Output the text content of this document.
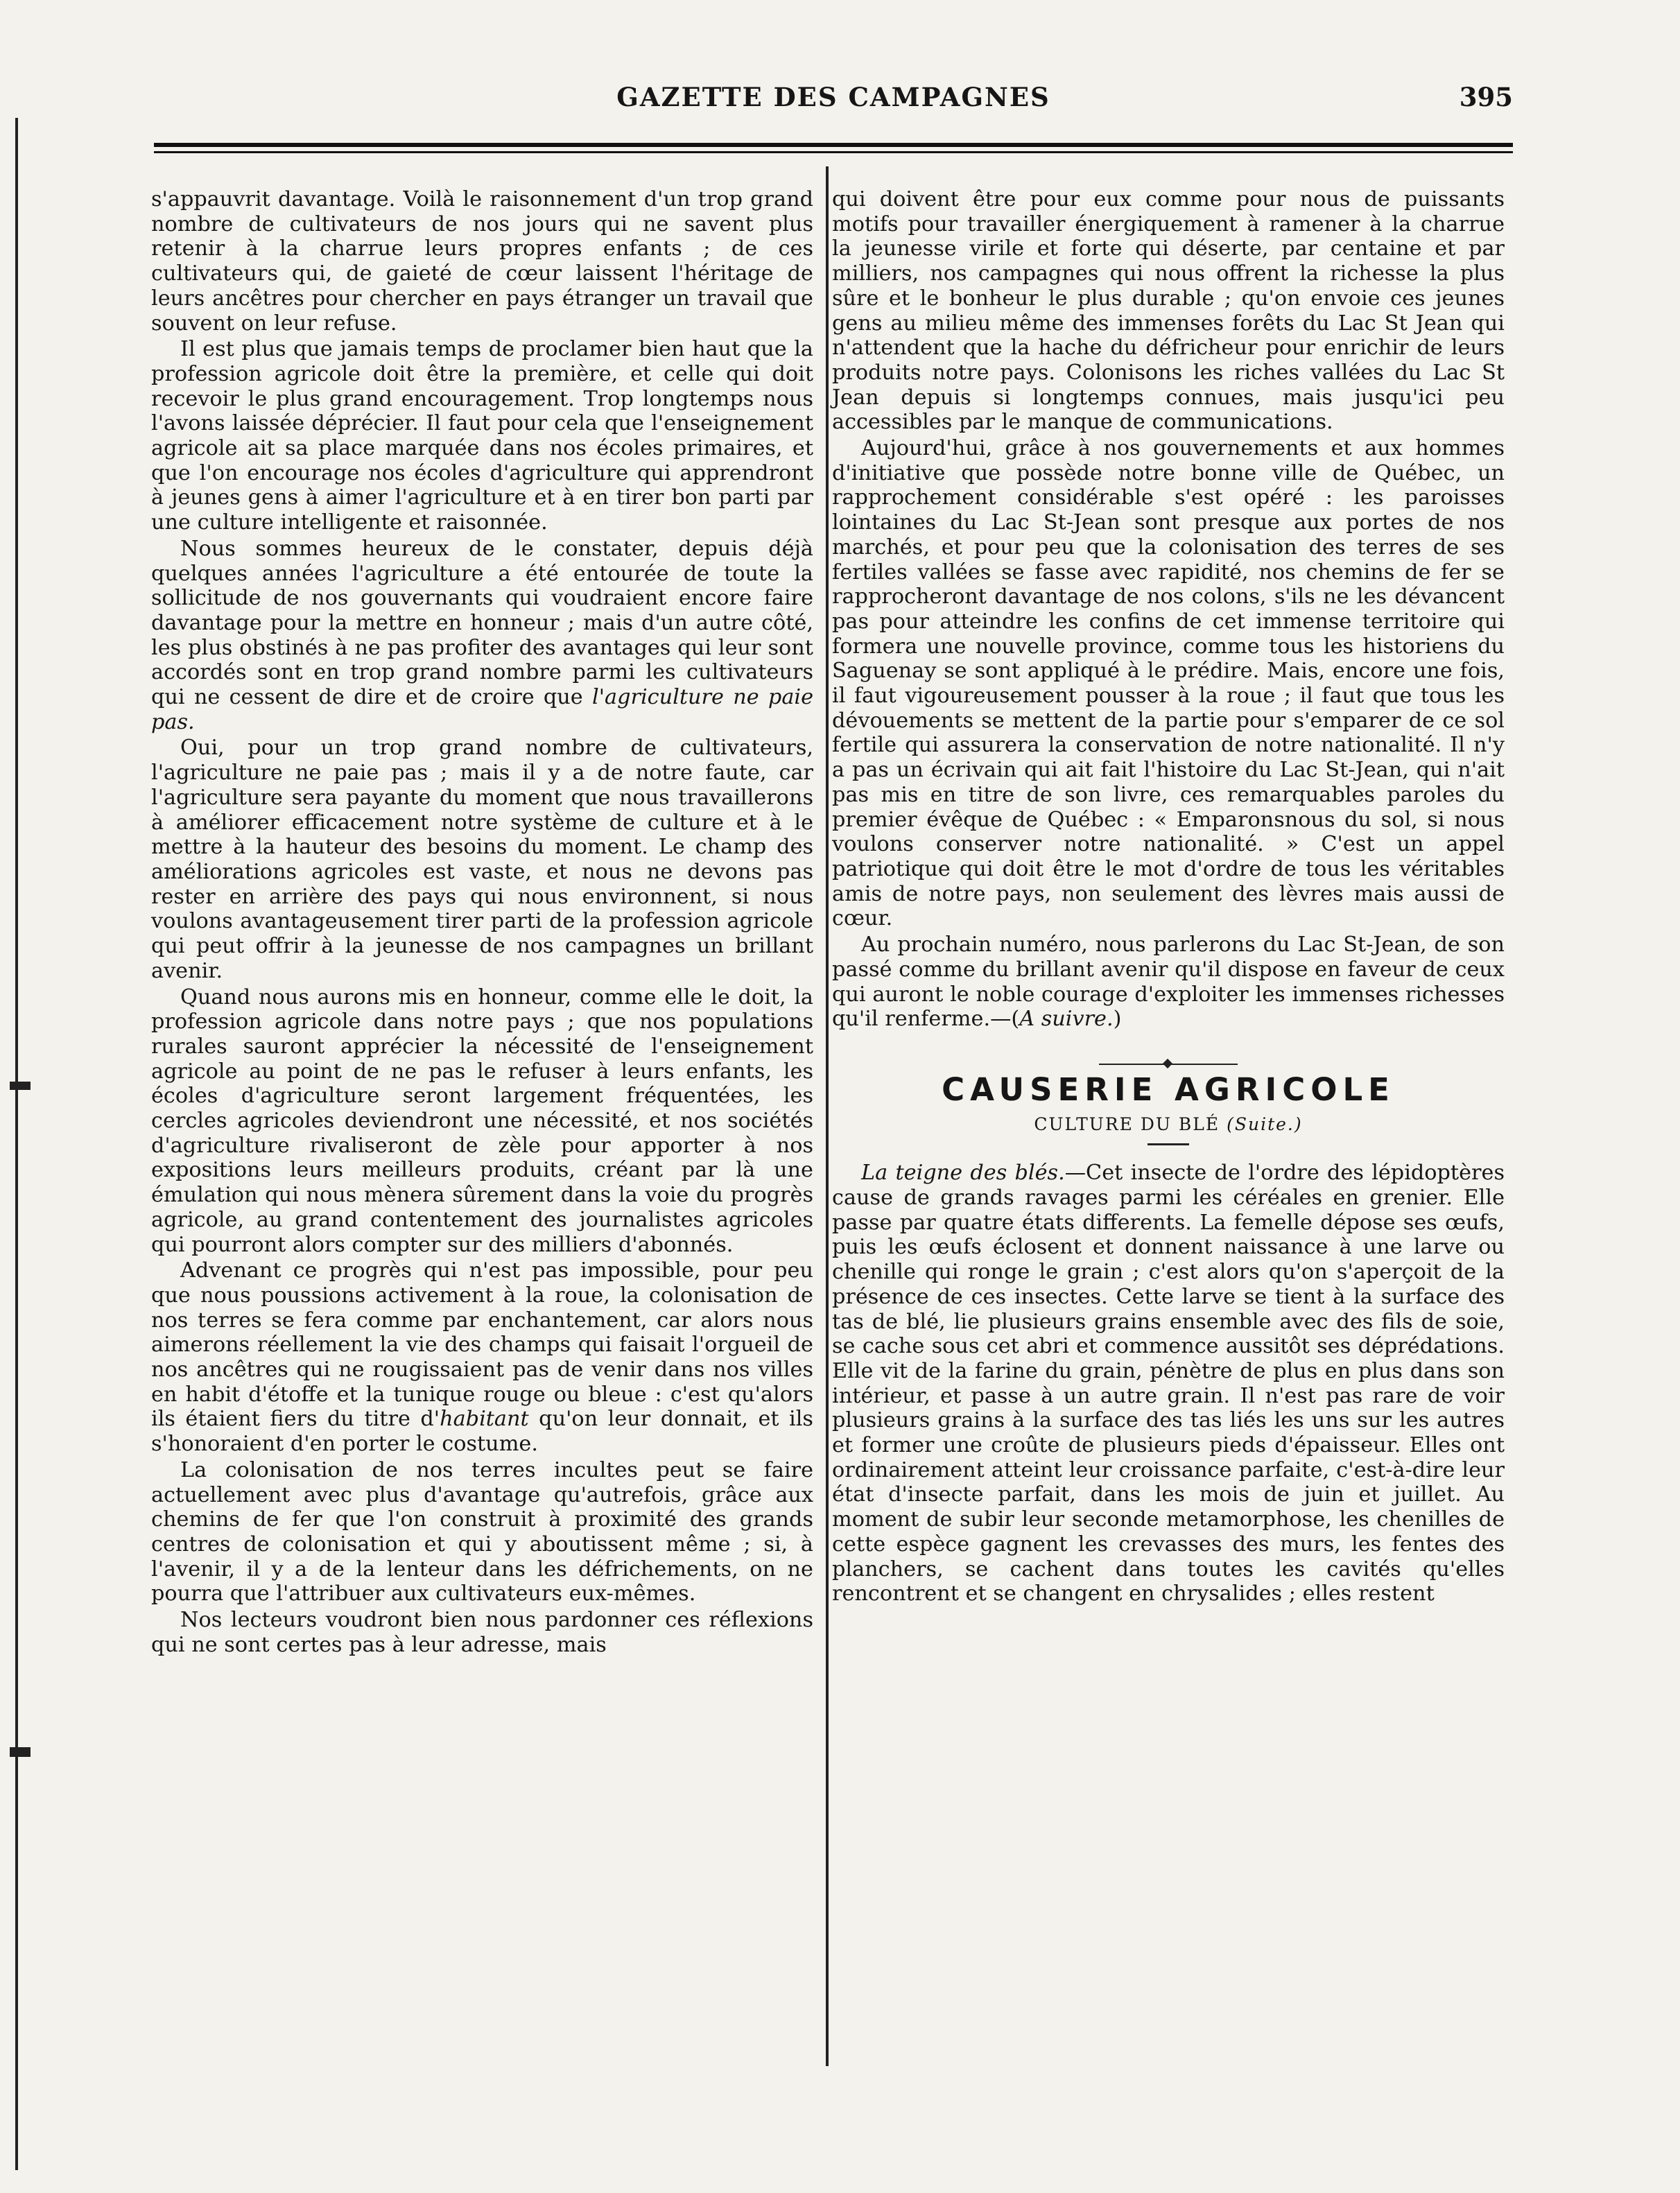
GAZETTE DES CAMPAGNES	395

s'appauvrit davantage. Voilà le raisonnement d'un trop grand nombre de cultivateurs de nos jours qui ne savent plus retenir à la charrue leurs propres enfants ; de ces cultivateurs qui, de gaieté de cœur laissent l'héritage de leurs ancêtres pour chercher en pays étranger un travail que souvent on leur refuse.

Il est plus que jamais temps de proclamer bien haut que la profession agricole doit être la première, et celle qui doit recevoir le plus grand encouragement. Trop longtemps nous l'avons laissée déprécier. Il faut pour cela que l'enseignement agricole ait sa place marquée dans nos écoles primaires, et que l'on encourage nos écoles d'agriculture qui apprendront à jeunes gens à aimer l'agriculture et à en tirer bon parti par une culture intelligente et raisonnée.

Nous sommes heureux de le constater, depuis déjà quelques années l'agriculture a été entourée de toute la sollicitude de nos gouvernants qui voudraient encore faire davantage pour la mettre en honneur ; mais d'un autre côté, les plus obstinés à ne pas profiter des avantages qui leur sont accordés sont en trop grand nombre parmi les cultivateurs qui ne cessent de dire et de croire que l'agriculture ne paie pas.

Oui, pour un trop grand nombre de cultivateurs, l'agriculture ne paie pas ; mais il y a de notre faute, car l'agriculture sera payante du moment que nous travaillerons à améliorer efficacement notre système de culture et à le mettre à la hauteur des besoins du moment. Le champ des améliorations agricoles est vaste, et nous ne devons pas rester en arrière des pays qui nous environnent, si nous voulons avantageusement tirer parti de la profession agricole qui peut offrir à la jeunesse de nos campagnes un brillant avenir.

Quand nous aurons mis en honneur, comme elle le doit, la profession agricole dans notre pays ; que nos populations rurales sauront apprécier la nécessité de l'enseignement agricole au point de ne pas le refuser à leurs enfants, les écoles d'agriculture seront largement fréquentées, les cercles agricoles deviendront une nécessité, et nos sociétés d'agriculture rivaliseront de zèle pour apporter à nos expositions leurs meilleurs produits, créant par là une émulation qui nous mènera sûrement dans la voie du progrès agricole, au grand contentement des journalistes agricoles qui pourront alors compter sur des milliers d'abonnés.

Advenant ce progrès qui n'est pas impossible, pour peu que nous poussions activement à la roue, la colonisation de nos terres se fera comme par enchantement, car alors nous aimerons réellement la vie des champs qui faisait l'orgueil de nos ancêtres qui ne rougissaient pas de venir dans nos villes en habit d'étoffe et la tunique rouge ou bleue : c'est qu'alors ils étaient fiers du titre d'habitant qu'on leur donnait, et ils s'honoraient d'en porter le costume.

La colonisation de nos terres incultes peut se faire actuellement avec plus d'avantage qu'autrefois, grâce aux chemins de fer que l'on construit à proximité des grands centres de colonisation et qui y aboutissent même ; si, à l'avenir, il y a de la lenteur dans les défrichements, on ne pourra que l'attribuer aux cultivateurs eux-mêmes.

Nos lecteurs voudront bien nous pardonner ces réflexions qui ne sont certes pas à leur adresse, mais

qui doivent être pour eux comme pour nous de puissants motifs pour travailler énergiquement à ramener à la charrue la jeunesse virile et forte qui déserte, par centaine et par milliers, nos campagnes qui nous offrent la richesse la plus sûre et le bonheur le plus durable ; qu'on envoie ces jeunes gens au milieu même des immenses forêts du Lac St Jean qui n'attendent que la hache du défricheur pour enrichir de leurs produits notre pays. Colonisons les riches vallées du Lac St Jean depuis si longtemps connues, mais jusqu'ici peu accessibles par le manque de communications.

Aujourd'hui, grâce à nos gouvernements et aux hommes d'initiative que possède notre bonne ville de Québec, un rapprochement considérable s'est opéré : les paroisses lointaines du Lac St-Jean sont presque aux portes de nos marchés, et pour peu que la colonisation des terres de ses fertiles vallées se fasse avec rapidité, nos chemins de fer se rapprocheront davantage de nos colons, s'ils ne les dévancent pas pour atteindre les confins de cet immense territoire qui formera une nouvelle province, comme tous les historiens du Saguenay se sont appliqué à le prédire. Mais, encore une fois, il faut vigoureusement pousser à la roue ; il faut que tous les dévouements se mettent de la partie pour s'emparer de ce sol fertile qui assurera la conservation de notre nationalité. Il n'y a pas un écrivain qui ait fait l'histoire du Lac St-Jean, qui n'ait pas mis en titre de son livre, ces remarquables paroles du premier évêque de Québec : « Emparonsnous du sol, si nous voulons conserver notre nationalité. » C'est un appel patriotique qui doit être le mot d'ordre de tous les véritables amis de notre pays, non seulement des lèvres mais aussi de cœur.

Au prochain numéro, nous parlerons du Lac St-Jean, de son passé comme du brillant avenir qu'il dispose en faveur de ceux qui auront le noble courage d'exploiter les immenses richesses qu'il renferme.—(A suivre.)

CAUSERIE AGRICOLE
CULTURE DU BLÉ (Suite.)

La teigne des blés.—Cet insecte de l'ordre des lépidoptères cause de grands ravages parmi les céréales en grenier. Elle passe par quatre états differents. La femelle dépose ses œufs, puis les œufs éclosent et donnent naissance à une larve ou chenille qui ronge le grain ; c'est alors qu'on s'aperçoit de la présence de ces insectes. Cette larve se tient à la surface des tas de blé, lie plusieurs grains ensemble avec des fils de soie, se cache sous cet abri et commence aussitôt ses déprédations. Elle vit de la farine du grain, pénètre de plus en plus dans son intérieur, et passe à un autre grain. Il n'est pas rare de voir plusieurs grains à la surface des tas liés les uns sur les autres et former une croûte de plusieurs pieds d'épaisseur. Elles ont ordinairement atteint leur croissance parfaite, c'est-à-dire leur état d'insecte parfait, dans les mois de juin et juillet. Au moment de subir leur seconde metamorphose, les chenilles de cette espèce gagnent les crevasses des murs, les fentes des planchers, se cachent dans toutes les cavités qu'elles rencontrent et se changent en chrysalides ; elles restent
